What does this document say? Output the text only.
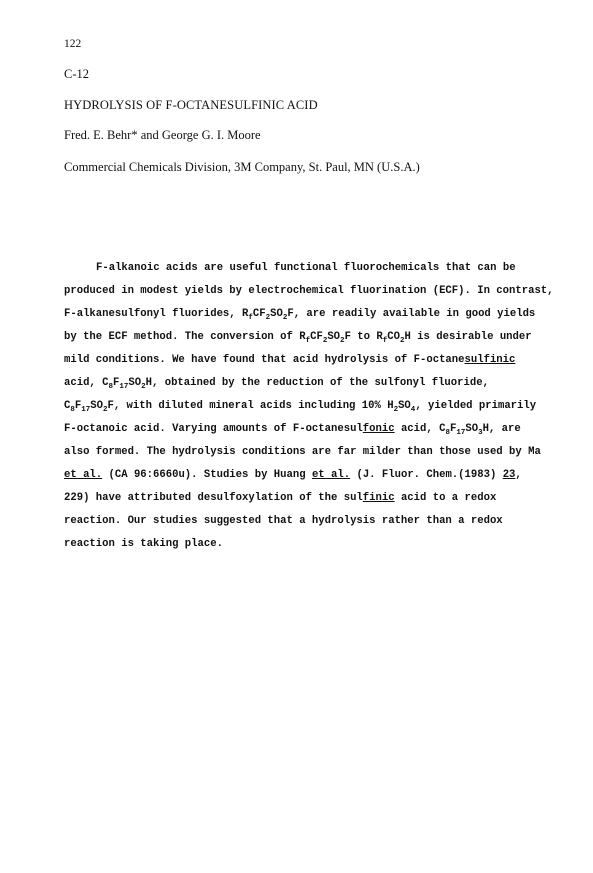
122
C-12
HYDROLYSIS OF F-OCTANESULFINIC ACID
Fred. E. Behr* and George G. I. Moore
Commercial Chemicals Division, 3M Company, St. Paul, MN (U.S.A.)
F-alkanoic acids are useful functional fluorochemicals that can be
produced in modest yields by electrochemical fluorination (ECF). In contrast,
F-alkanesulfonyl fluorides, $R_fCF_2SO_2F$, are readily available in good yields
by the ECF method. The conversion of $R_fCF_2SO_2F$ to $R_fCO_2H$ is desirable under
mild conditions. We have found that acid hydrolysis of F-octanesulfinic
acid, $C_8F_{17}SO_2H$, obtained by the reduction of the sulfonyl fluoride,
$C_8F_{17}SO_2F$, with diluted mineral acids including 10% $H_2SO_4$, yielded primarily
F-octanoic acid. Varying amounts of F-octanesulfonic acid, $C_8F_{17}SO_3H$, are
also formed. The hydrolysis conditions are far milder than those used by Ma
et al. (CA 96:6660u). Studies by Huang et al. (J. Fluor. Chem.(1983) 23,
229) have attributed desulfoxylation of the sulfinic acid to a redox
reaction. Our studies suggested that a hydrolysis rather than a redox
reaction is taking place.
